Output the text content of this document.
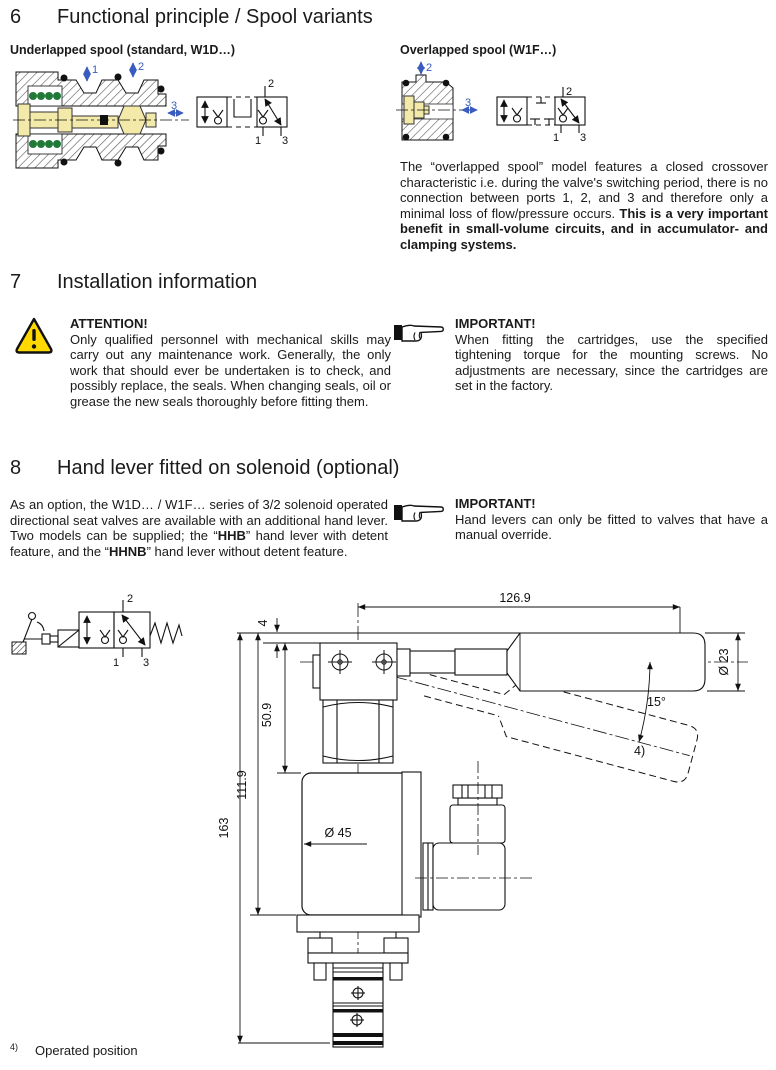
6 Functional principle / Spool variants
Underlapped spool (standard, W1D…)	Overlapped spool (W1F…)
1	2
3
2
1 3
2
3
2
1 3
The “overlapped spool” model features a closed crossover characteristic i.e. during the valve's switching period, there is no connection between ports 1, 2, and 3 and therefore only a minimal loss of flow/pressure occurs. This is a very important benefit in small-volume circuits, and in accumulator- and clamping systems.
7 Installation information
ATTENTION!
Only qualified personnel with mechanical skills may carry out any maintenance work. Generally, the only work that should ever be undertaken is to check, and possibly replace, the seals. When changing seals, oil or grease the new seals thoroughly before fitting them.
IMPORTANT!
When fitting the cartridges, use the specified tightening torque for the mounting screws. No adjustments are necessary, since the cartridges are set in the factory.
8 Hand lever fitted on solenoid (optional)
As an option, the W1D… / W1F… series of 3/2 solenoid operated directional seat valves are available with an additional hand lever. Two models can be supplied; the “HHB” hand lever with detent feature, and the “HHNB” hand lever without detent feature.
IMPORTANT!
Hand levers can only be fitted to valves that have a manual override.
2
1 3
126.9
4
50.9
111.9
163	Ø 45
Ø 23
15°
4)
$^{4)}$ Operated position
